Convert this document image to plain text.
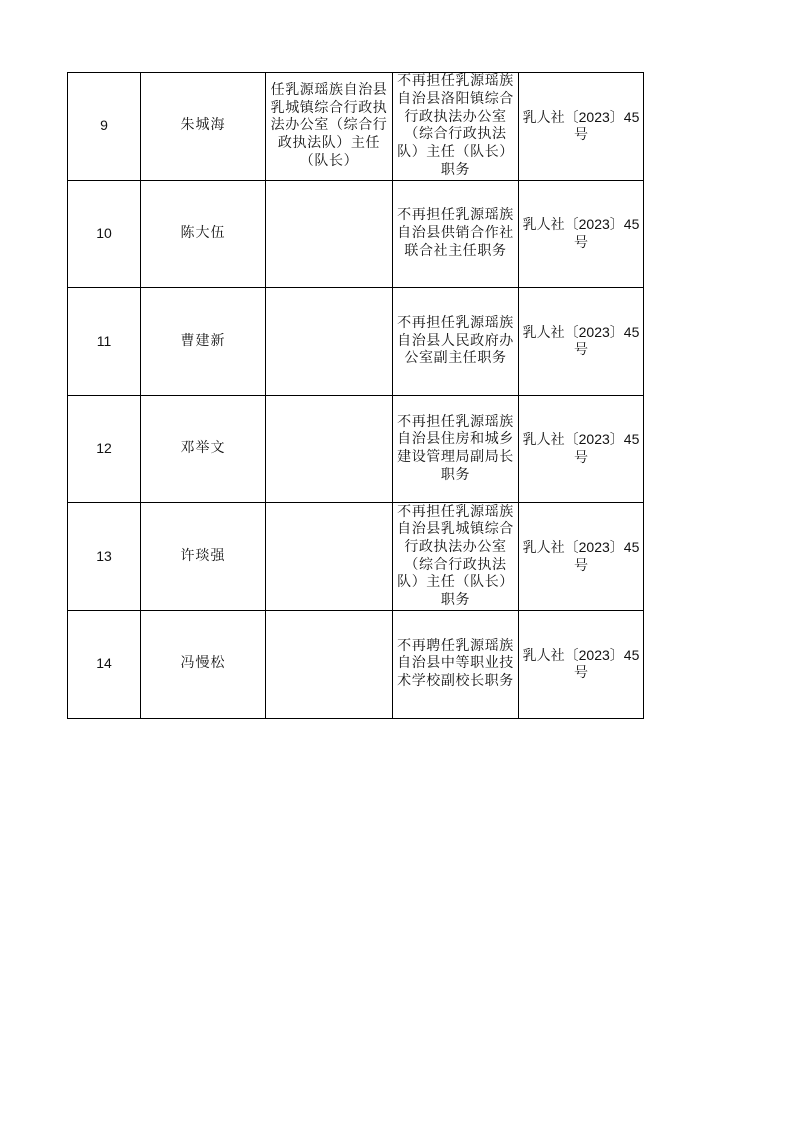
9	朱城海	任乳源瑶族自治县乳城镇综合行政执法办公室（综合行政执法队）主任（队长）	不再担任乳源瑶族自治县洛阳镇综合行政执法办公室（综合行政执法队）主任（队长）职务	乳人社〔2023〕45号
10	陈大伍		不再担任乳源瑶族自治县供销合作社联合社主任职务	乳人社〔2023〕45号
11	曹建新		不再担任乳源瑶族自治县人民政府办公室副主任职务	乳人社〔2023〕45号
12	邓举文		不再担任乳源瑶族自治县住房和城乡建设管理局副局长职务	乳人社〔2023〕45号
13	许琰强		不再担任乳源瑶族自治县乳城镇综合行政执法办公室（综合行政执法队）主任（队长）职务	乳人社〔2023〕45号
14	冯慢松		不再聘任乳源瑶族自治县中等职业技术学校副校长职务	乳人社〔2023〕45号
